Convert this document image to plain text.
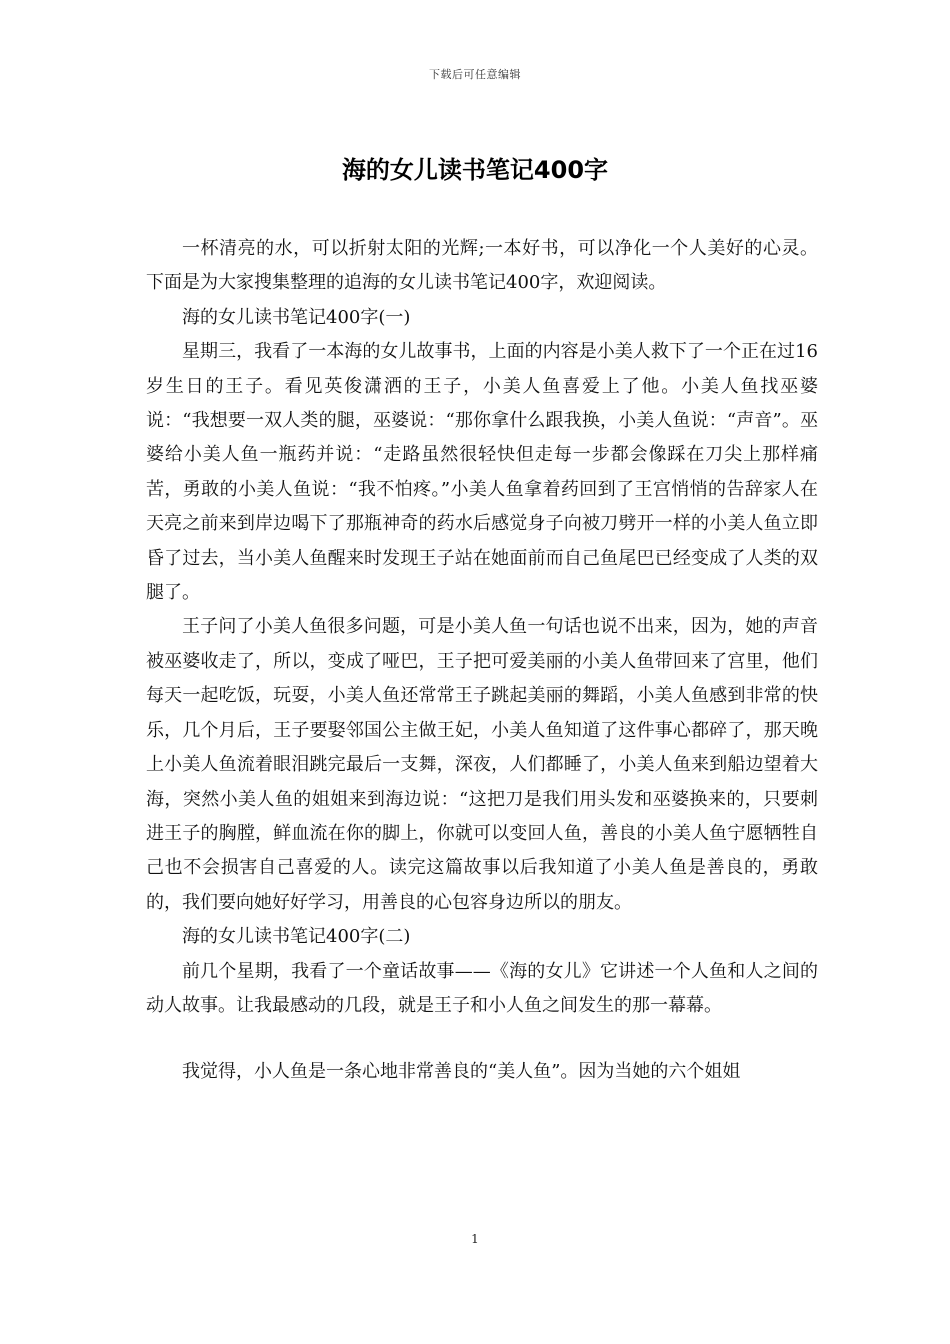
下载后可任意编辑
海的女儿读书笔记400字

一杯清亮的水，可以折射太阳的光辉;一本好书，可以净化一个人美好的心灵。下面是为大家搜集整理的追海的女儿读书笔记400字，欢迎阅读。

海的女儿读书笔记400字(一)

星期三，我看了一本海的女儿故事书，上面的内容是小美人救下了一个正在过16岁生日的王子。看见英俊潇洒的王子，小美人鱼喜爱上了他。小美人鱼找巫婆说：“我想要一双人类的腿，巫婆说：“那你拿什么跟我换，小美人鱼说：“声音”。巫婆给小美人鱼一瓶药并说：“走路虽然很轻快但走每一步都会像踩在刀尖上那样痛苦，勇敢的小美人鱼说：“我不怕疼。”小美人鱼拿着药回到了王宫悄悄的告辞家人在天亮之前来到岸边喝下了那瓶神奇的药水后感觉身子向被刀劈开一样的小美人鱼立即昏了过去，当小美人鱼醒来时发现王子站在她面前而自己鱼尾巴已经变成了人类的双腿了。

王子问了小美人鱼很多问题，可是小美人鱼一句话也说不出来，因为，她的声音被巫婆收走了，所以，变成了哑巴，王子把可爱美丽的小美人鱼带回来了宫里，他们每天一起吃饭，玩耍，小美人鱼还常常王子跳起美丽的舞蹈，小美人鱼感到非常的快乐，几个月后，王子要娶邻国公主做王妃，小美人鱼知道了这件事心都碎了，那天晚上小美人鱼流着眼泪跳完最后一支舞，深夜，人们都睡了，小美人鱼来到船边望着大海，突然小美人鱼的姐姐来到海边说：“这把刀是我们用头发和巫婆换来的，只要刺进王子的胸膛，鲜血流在你的脚上，你就可以变回人鱼，善良的小美人鱼宁愿牺牲自己也不会损害自己喜爱的人。读完这篇故事以后我知道了小美人鱼是善良的，勇敢的，我们要向她好好学习，用善良的心包容身边所以的朋友。

海的女儿读书笔记400字(二)

前几个星期，我看了一个童话故事——《海的女儿》它讲述一个人鱼和人之间的动人故事。让我最感动的几段，就是王子和小人鱼之间发生的那一幕幕。

我觉得，小人鱼是一条心地非常善良的“美人鱼”。因为当她的六个姐姐

1
